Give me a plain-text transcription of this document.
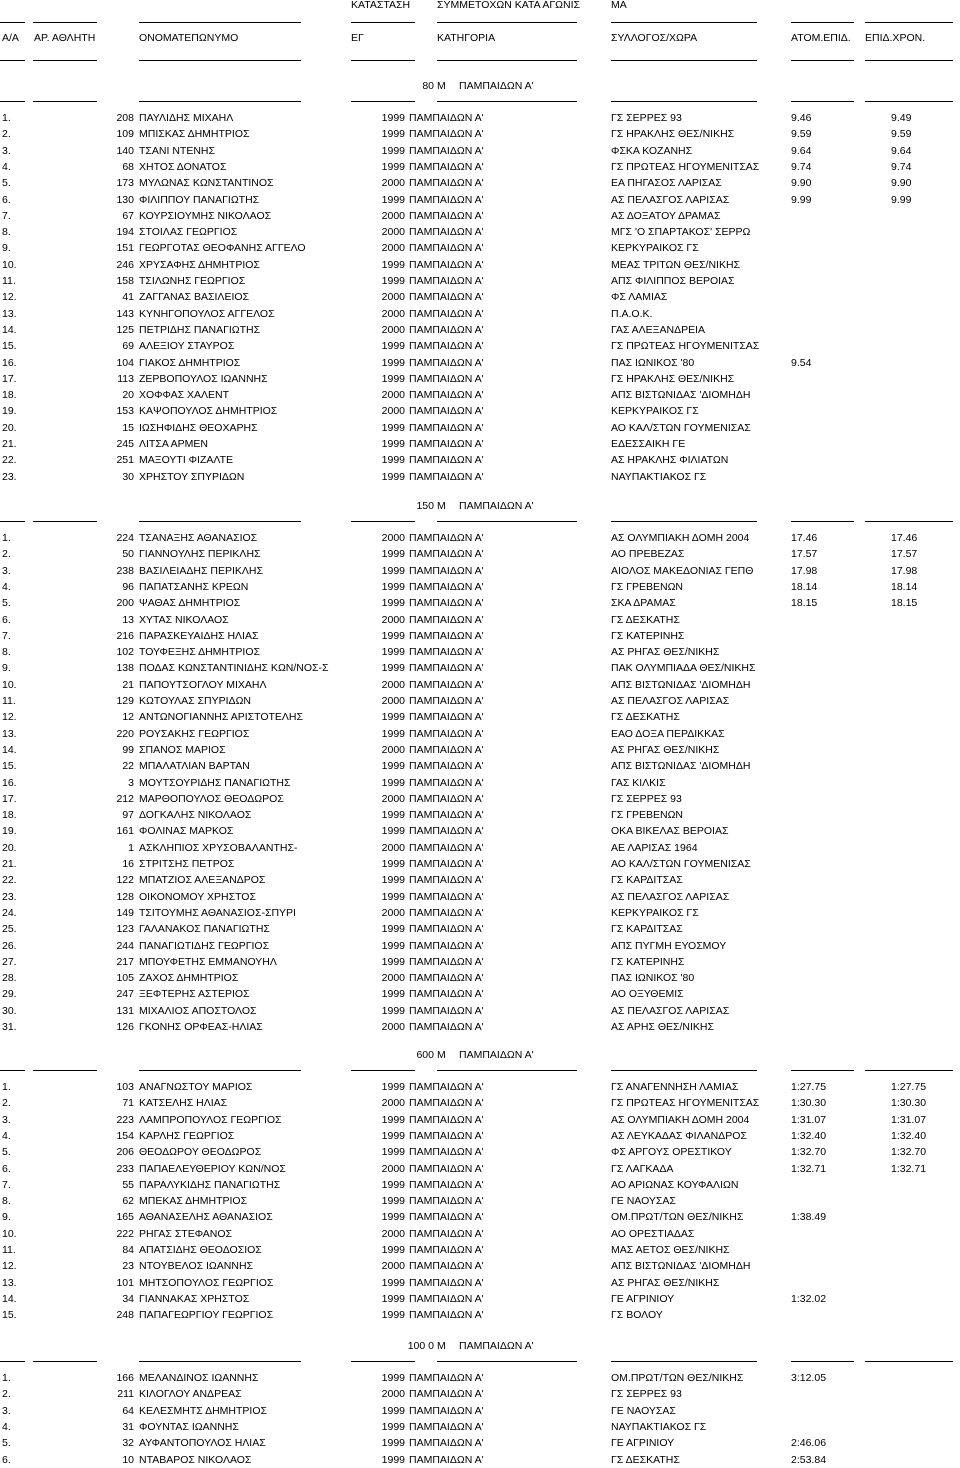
ΚΑΤΑΣΤΑΣΗ	ΣΥΜΜΕΤΟΧΩΝ ΚΑΤΑ ΑΓΩΝΙΣ	ΜΑ
Α/Α ΑΡ. ΑΘΛΗΤΗ	ΟΝΟΜΑΤΕΠΩΝΥΜΟ	ΕΓ	ΚΑΤΗΓΟΡΙΑ	ΣΥΛΛΟΓΟΣ/ΧΩΡΑ	ΑΤΟΜ.ΕΠΙΔ. ΕΠΙΔ.ΧΡΟΝ.
80 Μ ΠΑΜΠΑΙΔΩΝ Α'
1.	208 ΠΑΥΛΙΔΗΣ ΜΙΧΑΗΛ	1999 ΠΑΜΠΑΙΔΩΝ Α'	ΓΣ ΣΕΡΡΕΣ 93	9.46	9.49
2.	109 ΜΠΙΣΚΑΣ ΔΗΜΗΤΡΙΟΣ	1999 ΠΑΜΠΑΙΔΩΝ Α'	ΓΣ ΗΡΑΚΛΗΣ ΘΕΣ/ΝΙΚΗΣ	9.59	9.59
3.	140 ΤΣΑΝΙ ΝΤΕΝΗΣ	1999 ΠΑΜΠΑΙΔΩΝ Α'	ΦΣΚΑ ΚΟΖΑΝΗΣ	9.64	9.64
4.	68 ΧΗΤΟΣ ΔΟΝΑΤΟΣ	1999 ΠΑΜΠΑΙΔΩΝ Α'	ΓΣ ΠΡΩΤΕΑΣ ΗΓΟΥΜΕΝΙΤΣΑΣ	9.74	9.74
5.	173 ΜΥΛΩΝΑΣ ΚΩΝΣΤΑΝΤΙΝΟΣ	2000 ΠΑΜΠΑΙΔΩΝ Α'	ΕΑ ΠΗΓΑΣΟΣ ΛΑΡΙΣΑΣ	9.90	9.90
6.	130 ΦΙΛΙΠΠΟΥ ΠΑΝΑΓΙΩΤΗΣ	1999 ΠΑΜΠΑΙΔΩΝ Α'	ΑΣ ΠΕΛΑΣΓΟΣ ΛΑΡΙΣΑΣ	9.99	9.99
7.	67 ΚΟΥΡΣΙΟΥΜΗΣ ΝΙΚΟΛΑΟΣ	2000 ΠΑΜΠΑΙΔΩΝ Α'	ΑΣ ΔΟΞΑΤΟΥ ΔΡΑΜΑΣ
8.	194 ΣΤΟΙΛΑΣ ΓΕΩΡΓΙΟΣ	2000 ΠΑΜΠΑΙΔΩΝ Α'	ΜΓΣ 'Ο ΣΠΑΡΤΑΚΟΣ' ΣΕΡΡΩ
9.	151 ΓΕΩΡΓΟΤΑΣ ΘΕΟΦΑΝΗΣ ΑΓΓΕΛΟ	2000 ΠΑΜΠΑΙΔΩΝ Α'	ΚΕΡΚΥΡΑΙΚΟΣ ΓΣ
10.	246 ΧΡΥΣΑΦΗΣ ΔΗΜΗΤΡΙΟΣ	1999 ΠΑΜΠΑΙΔΩΝ Α'	ΜΕΑΣ ΤΡΙΤΩΝ ΘΕΣ/ΝΙΚΗΣ
11.	158 ΤΣΙΛΩΝΗΣ ΓΕΩΡΓΙΟΣ	1999 ΠΑΜΠΑΙΔΩΝ Α'	ΑΠΣ ΦΙΛΙΠΠΟΣ ΒΕΡΟΙΑΣ
12.	41 ΖΑΓΓΑΝΑΣ ΒΑΣΙΛΕΙΟΣ	2000 ΠΑΜΠΑΙΔΩΝ Α'	ΦΣ ΛΑΜΙΑΣ
13.	143 ΚΥΝΗΓΟΠΟΥΛΟΣ ΑΓΓΕΛΟΣ	2000 ΠΑΜΠΑΙΔΩΝ Α'	Π.Α.Ο.Κ.
14.	125 ΠΕΤΡΙΔΗΣ ΠΑΝΑΓΙΩΤΗΣ	2000 ΠΑΜΠΑΙΔΩΝ Α'	ΓΑΣ ΑΛΕΞΑΝΔΡΕΙΑ
15.	69 ΑΛΕΞΙΟΥ ΣΤΑΥΡΟΣ	1999 ΠΑΜΠΑΙΔΩΝ Α'	ΓΣ ΠΡΩΤΕΑΣ ΗΓΟΥΜΕΝΙΤΣΑΣ
16.	104 ΓΙΑΚΟΣ ΔΗΜΗΤΡΙΟΣ	1999 ΠΑΜΠΑΙΔΩΝ Α'	ΠΑΣ ΙΩΝΙΚΟΣ '80	9.54
17.	113 ΖΕΡΒΟΠΟΥΛΟΣ ΙΩΑΝΝΗΣ	1999 ΠΑΜΠΑΙΔΩΝ Α'	ΓΣ ΗΡΑΚΛΗΣ ΘΕΣ/ΝΙΚΗΣ
18.	20 ΧΟΦΦΑΣ ΧΑΛΕΝΤ	2000 ΠΑΜΠΑΙΔΩΝ Α'	ΑΠΣ ΒΙΣΤΩΝΙΔΑΣ 'ΔΙΟΜΗΔΗ
19.	153 ΚΑΨΟΠΟΥΛΟΣ ΔΗΜΗΤΡΙΟΣ	2000 ΠΑΜΠΑΙΔΩΝ Α'	ΚΕΡΚΥΡΑΙΚΟΣ ΓΣ
20.	15 ΙΩΣΗΦΙΔΗΣ ΘΕΟΧΑΡΗΣ	1999 ΠΑΜΠΑΙΔΩΝ Α'	ΑΟ ΚΑΛ/ΣΤΩΝ ΓΟΥΜΕΝΙΣΑΣ
21.	245 ΛΙΤΣΑ ΑΡΜΕΝ	1999 ΠΑΜΠΑΙΔΩΝ Α'	ΕΔΕΣΣΑΙΚΗ ΓΕ
22.	251 ΜΑΞΟΥΤΙ ΦΙΖΑΛΤΕ	1999 ΠΑΜΠΑΙΔΩΝ Α'	ΑΣ ΗΡΑΚΛΗΣ ΦΙΛΙΑΤΩΝ
23.	30 ΧΡΗΣΤΟΥ ΣΠΥΡΙΔΩΝ	1999 ΠΑΜΠΑΙΔΩΝ Α'	ΝΑΥΠΑΚΤΙΑΚΟΣ ΓΣ
150 Μ ΠΑΜΠΑΙΔΩΝ Α'
1.	224 ΤΣΑΝΑΞΗΣ ΑΘΑΝΑΣΙΟΣ	2000 ΠΑΜΠΑΙΔΩΝ Α'	ΑΣ ΟΛΥΜΠΙΑΚΗ ΔΟΜΗ 2004	17.46	17.46
2.	50 ΓΙΑΝΝΟΥΛΗΣ ΠΕΡΙΚΛΗΣ	1999 ΠΑΜΠΑΙΔΩΝ Α'	ΑΟ ΠΡΕΒΕΖΑΣ	17.57	17.57
3.	238 ΒΑΣΙΛΕΙΑΔΗΣ ΠΕΡΙΚΛΗΣ	1999 ΠΑΜΠΑΙΔΩΝ Α'	ΑΙΟΛΟΣ ΜΑΚΕΔΟΝΙΑΣ ΓΕΠΘ	17.98	17.98
4.	96 ΠΑΠΑΤΣΑΝΗΣ ΚΡΕΩΝ	1999 ΠΑΜΠΑΙΔΩΝ Α'	ΓΣ ΓΡΕΒΕΝΩΝ	18.14	18.14
5.	200 ΨΑΘΑΣ ΔΗΜΗΤΡΙΟΣ	1999 ΠΑΜΠΑΙΔΩΝ Α'	ΣΚΑ ΔΡΑΜΑΣ	18.15	18.15
6.	13 ΧΥΤΑΣ ΝΙΚΟΛΑΟΣ	2000 ΠΑΜΠΑΙΔΩΝ Α'	ΓΣ ΔΕΣΚΑΤΗΣ
7.	216 ΠΑΡΑΣΚΕΥΑΙΔΗΣ ΗΛΙΑΣ	1999 ΠΑΜΠΑΙΔΩΝ Α'	ΓΣ ΚΑΤΕΡΙΝΗΣ
8.	102 ΤΟΥΦΕΞΗΣ ΔΗΜΗΤΡΙΟΣ	1999 ΠΑΜΠΑΙΔΩΝ Α'	ΑΣ ΡΗΓΑΣ ΘΕΣ/ΝΙΚΗΣ
9.	138 ΠΟΔΑΣ ΚΩΝΣΤΑΝΤΙΝΙΔΗΣ ΚΩΝ/ΝΟΣ-Σ	1999 ΠΑΜΠΑΙΔΩΝ Α'	ΠΑΚ ΟΛΥΜΠΙΑΔΑ ΘΕΣ/ΝΙΚΗΣ
10.	21 ΠΑΠΟΥΤΣΟΓΛΟΥ ΜΙΧΑΗΛ	2000 ΠΑΜΠΑΙΔΩΝ Α'	ΑΠΣ ΒΙΣΤΩΝΙΔΑΣ 'ΔΙΟΜΗΔΗ
11.	129 ΚΩΤΟΥΛΑΣ ΣΠΥΡΙΔΩΝ	2000 ΠΑΜΠΑΙΔΩΝ Α'	ΑΣ ΠΕΛΑΣΓΟΣ ΛΑΡΙΣΑΣ
12.	12 ΑΝΤΩΝΟΓΙΑΝΝΗΣ ΑΡΙΣΤΟΤΕΛΗΣ	1999 ΠΑΜΠΑΙΔΩΝ Α'	ΓΣ ΔΕΣΚΑΤΗΣ
13.	220 ΡΟΥΣΑΚΗΣ ΓΕΩΡΓΙΟΣ	1999 ΠΑΜΠΑΙΔΩΝ Α'	ΕΑΟ ΔΟΞΑ ΠΕΡΔΙΚΚΑΣ
14.	99 ΣΠΑΝΟΣ ΜΑΡΙΟΣ	2000 ΠΑΜΠΑΙΔΩΝ Α'	ΑΣ ΡΗΓΑΣ ΘΕΣ/ΝΙΚΗΣ
15.	22 ΜΠΑΛΑΤΛΙΑΝ ΒΑΡΤΑΝ	1999 ΠΑΜΠΑΙΔΩΝ Α'	ΑΠΣ ΒΙΣΤΩΝΙΔΑΣ 'ΔΙΟΜΗΔΗ
16.	3 ΜΟΥΤΣΟΥΡΙΔΗΣ ΠΑΝΑΓΙΩΤΗΣ	1999 ΠΑΜΠΑΙΔΩΝ Α'	ΓΑΣ ΚΙΛΚΙΣ
17.	212 ΜΑΡΘΟΠΟΥΛΟΣ ΘΕΟΔΩΡΟΣ	2000 ΠΑΜΠΑΙΔΩΝ Α'	ΓΣ ΣΕΡΡΕΣ 93
18.	97 ΔΟΓΚΑΛΗΣ ΝΙΚΟΛΑΟΣ	1999 ΠΑΜΠΑΙΔΩΝ Α'	ΓΣ ΓΡΕΒΕΝΩΝ
19.	161 ΦΟΛΙΝΑΣ ΜΑΡΚΟΣ	1999 ΠΑΜΠΑΙΔΩΝ Α'	ΟΚΑ ΒΙΚΕΛΑΣ ΒΕΡΟΙΑΣ
20.	1 ΑΣΚΛΗΠΙΟΣ ΧΡΥΣΟΒΑΛΑΝΤΗΣ-	2000 ΠΑΜΠΑΙΔΩΝ Α'	ΑΕ ΛΑΡΙΣΑΣ 1964
21.	16 ΣΤΡΙΤΣΗΣ ΠΕΤΡΟΣ	1999 ΠΑΜΠΑΙΔΩΝ Α'	ΑΟ ΚΑΛ/ΣΤΩΝ ΓΟΥΜΕΝΙΣΑΣ
22.	122 ΜΠΑΤΖΙΟΣ ΑΛΕΞΑΝΔΡΟΣ	1999 ΠΑΜΠΑΙΔΩΝ Α'	ΓΣ ΚΑΡΔΙΤΣΑΣ
23.	128 ΟΙΚΟΝΟΜΟΥ ΧΡΗΣΤΟΣ	1999 ΠΑΜΠΑΙΔΩΝ Α'	ΑΣ ΠΕΛΑΣΓΟΣ ΛΑΡΙΣΑΣ
24.	149 ΤΣΙΤΟΥΜΗΣ ΑΘΑΝΑΣΙΟΣ-ΣΠΥΡΙ	2000 ΠΑΜΠΑΙΔΩΝ Α'	ΚΕΡΚΥΡΑΙΚΟΣ ΓΣ
25.	123 ΓΑΛΑΝΑΚΟΣ ΠΑΝΑΓΙΩΤΗΣ	1999 ΠΑΜΠΑΙΔΩΝ Α'	ΓΣ ΚΑΡΔΙΤΣΑΣ
26.	244 ΠΑΝΑΓΙΩΤΙΔΗΣ ΓΕΩΡΓΙΟΣ	1999 ΠΑΜΠΑΙΔΩΝ Α'	ΑΠΣ ΠΥΓΜΗ ΕΥΟΣΜΟΥ
27.	217 ΜΠΟΥΦΕΤΗΣ ΕΜΜΑΝΟΥΗΛ	1999 ΠΑΜΠΑΙΔΩΝ Α'	ΓΣ ΚΑΤΕΡΙΝΗΣ
28.	105 ΖΑΧΟΣ ΔΗΜΗΤΡΙΟΣ	2000 ΠΑΜΠΑΙΔΩΝ Α'	ΠΑΣ ΙΩΝΙΚΟΣ '80
29.	247 ΞΕΦΤΕΡΗΣ ΑΣΤΕΡΙΟΣ	1999 ΠΑΜΠΑΙΔΩΝ Α'	ΑΟ ΟΞΥΘΕΜΙΣ
30.	131 ΜΙΧΑΛΙΟΣ ΑΠΟΣΤΟΛΟΣ	1999 ΠΑΜΠΑΙΔΩΝ Α'	ΑΣ ΠΕΛΑΣΓΟΣ ΛΑΡΙΣΑΣ
31.	126 ΓΚΟΝΗΣ ΟΡΦΕΑΣ-ΗΛΙΑΣ	2000 ΠΑΜΠΑΙΔΩΝ Α'	ΑΣ ΑΡΗΣ ΘΕΣ/ΝΙΚΗΣ
600 Μ ΠΑΜΠΑΙΔΩΝ Α'
1.	103 ΑΝΑΓΝΩΣΤΟΥ ΜΑΡΙΟΣ	1999 ΠΑΜΠΑΙΔΩΝ Α'	ΓΣ ΑΝΑΓΕΝΝΗΣΗ ΛΑΜΙΑΣ	1:27.75	1:27.75
2.	71 ΚΑΤΣΕΛΗΣ ΗΛΙΑΣ	2000 ΠΑΜΠΑΙΔΩΝ Α'	ΓΣ ΠΡΩΤΕΑΣ ΗΓΟΥΜΕΝΙΤΣΑΣ	1:30.30	1:30.30
3.	223 ΛΑΜΠΡΟΠΟΥΛΟΣ ΓΕΩΡΓΙΟΣ	1999 ΠΑΜΠΑΙΔΩΝ Α'	ΑΣ ΟΛΥΜΠΙΑΚΗ ΔΟΜΗ 2004	1:31.07	1:31.07
4.	154 ΚΑΡΛΗΣ ΓΕΩΡΓΙΟΣ	1999 ΠΑΜΠΑΙΔΩΝ Α'	ΑΣ ΛΕΥΚΑΔΑΣ ΦΙΛΑΝΔΡΟΣ	1:32.40	1:32.40
5.	206 ΘΕΟΔΩΡΟΥ ΘΕΟΔΩΡΟΣ	1999 ΠΑΜΠΑΙΔΩΝ Α'	ΦΣ ΑΡΓΟΥΣ ΟΡΕΣΤΙΚΟΥ	1:32.70	1:32.70
6.	233 ΠΑΠΑΕΛΕΥΘΕΡΙΟΥ ΚΩΝ/ΝΟΣ	2000 ΠΑΜΠΑΙΔΩΝ Α'	ΓΣ ΛΑΓΚΑΔΑ	1:32.71	1:32.71
7.	55 ΠΑΡΑΛΥΚΙΔΗΣ ΠΑΝΑΓΙΩΤΗΣ	1999 ΠΑΜΠΑΙΔΩΝ Α'	ΑΟ ΑΡΙΩΝΑΣ ΚΟΥΦΑΛΙΩΝ
8.	62 ΜΠΕΚΑΣ ΔΗΜΗΤΡΙΟΣ	1999 ΠΑΜΠΑΙΔΩΝ Α'	ΓΕ ΝΑΟΥΣΑΣ
9.	165 ΑΘΑΝΑΣΕΛΗΣ ΑΘΑΝΑΣΙΟΣ	1999 ΠΑΜΠΑΙΔΩΝ Α'	ΟΜ.ΠΡΩΤ/ΤΩΝ ΘΕΣ/ΝΙΚΗΣ	1:38.49
10.	222 ΡΗΓΑΣ ΣΤΕΦΑΝΟΣ	2000 ΠΑΜΠΑΙΔΩΝ Α'	ΑΟ ΟΡΕΣΤΙΑΔΑΣ
11.	84 ΑΠΑΤΣΙΔΗΣ ΘΕΟΔΟΣΙΟΣ	1999 ΠΑΜΠΑΙΔΩΝ Α'	ΜΑΣ ΑΕΤΟΣ ΘΕΣ/ΝΙΚΗΣ
12.	23 ΝΤΟΥΒΕΛΟΣ ΙΩΑΝΝΗΣ	2000 ΠΑΜΠΑΙΔΩΝ Α'	ΑΠΣ ΒΙΣΤΩΝΙΔΑΣ 'ΔΙΟΜΗΔΗ
13.	101 ΜΗΤΣΟΠΟΥΛΟΣ ΓΕΩΡΓΙΟΣ	1999 ΠΑΜΠΑΙΔΩΝ Α'	ΑΣ ΡΗΓΑΣ ΘΕΣ/ΝΙΚΗΣ
14.	34 ΓΙΑΝΝΑΚΑΣ ΧΡΗΣΤΟΣ	1999 ΠΑΜΠΑΙΔΩΝ Α'	ΓΕ ΑΓΡΙΝΙΟΥ	1:32.02
15.	248 ΠΑΠΑΓΕΩΡΓΙΟΥ ΓΕΩΡΓΙΟΣ	1999 ΠΑΜΠΑΙΔΩΝ Α'	ΓΣ ΒΟΛΟΥ
100 0 Μ ΠΑΜΠΑΙΔΩΝ Α'
1.	166 ΜΕΛΑΝΔΙΝΟΣ ΙΩΑΝΝΗΣ	1999 ΠΑΜΠΑΙΔΩΝ Α'	ΟΜ.ΠΡΩΤ/ΤΩΝ ΘΕΣ/ΝΙΚΗΣ	3:12.05
2.	211 ΚΙΛΟΓΛΟΥ ΑΝΔΡΕΑΣ	2000 ΠΑΜΠΑΙΔΩΝ Α'	ΓΣ ΣΕΡΡΕΣ 93
3.	64 ΚΕΛΕΣΜΗΤΣ ΔΗΜΗΤΡΙΟΣ	1999 ΠΑΜΠΑΙΔΩΝ Α'	ΓΕ ΝΑΟΥΣΑΣ
4.	31 ΦΟΥΝΤΑΣ ΙΩΑΝΝΗΣ	1999 ΠΑΜΠΑΙΔΩΝ Α'	ΝΑΥΠΑΚΤΙΑΚΟΣ ΓΣ
5.	32 ΑΥΦΑΝΤΟΠΟΥΛΟΣ ΗΛΙΑΣ	1999 ΠΑΜΠΑΙΔΩΝ Α'	ΓΕ ΑΓΡΙΝΙΟΥ	2:46.06
6.	10 ΝΤΑΒΑΡΟΣ ΝΙΚΟΛΑΟΣ	1999 ΠΑΜΠΑΙΔΩΝ Α'	ΓΣ ΔΕΣΚΑΤΗΣ	2:53.84
